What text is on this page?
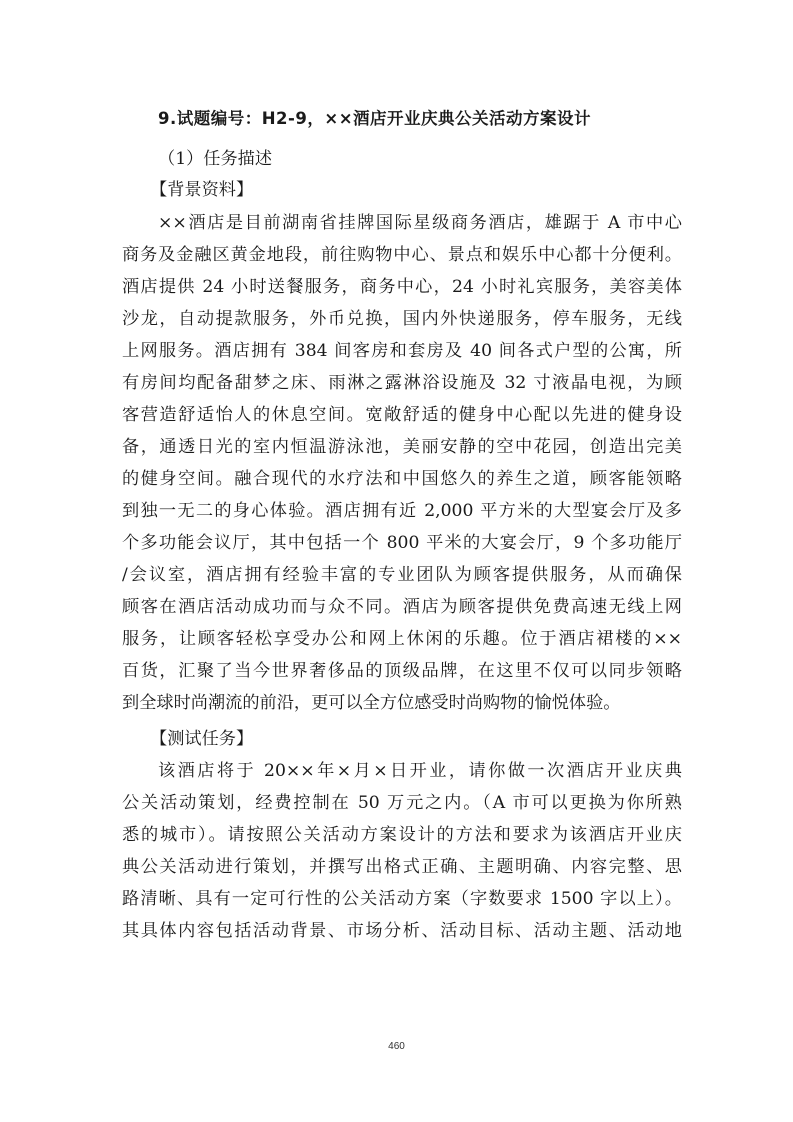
9.试题编号：H2-9，××酒店开业庆典公关活动方案设计
（1）任务描述
【背景资料】
××酒店是目前湖南省挂牌国际星级商务酒店，雄踞于 A 市中心
商务及金融区黄金地段，前往购物中心、景点和娱乐中心都十分便利。
酒店提供 24 小时送餐服务，商务中心，24 小时礼宾服务，美容美体
沙龙，自动提款服务，外币兑换，国内外快递服务，停车服务，无线
上网服务。酒店拥有 384 间客房和套房及 40 间各式户型的公寓，所
有房间均配备甜梦之床、雨淋之露淋浴设施及 32 寸液晶电视，为顾
客营造舒适怡人的休息空间。宽敞舒适的健身中心配以先进的健身设
备，通透日光的室内恒温游泳池，美丽安静的空中花园，创造出完美
的健身空间。融合现代的水疗法和中国悠久的养生之道，顾客能领略
到独一无二的身心体验。酒店拥有近 2,000 平方米的大型宴会厅及多
个多功能会议厅，其中包括一个 800 平米的大宴会厅，9 个多功能厅
/会议室，酒店拥有经验丰富的专业团队为顾客提供服务，从而确保
顾客在酒店活动成功而与众不同。酒店为顾客提供免费高速无线上网
服务，让顾客轻松享受办公和网上休闲的乐趣。位于酒店裙楼的××
百货，汇聚了当今世界奢侈品的顶级品牌，在这里不仅可以同步领略
到全球时尚潮流的前沿，更可以全方位感受时尚购物的愉悦体验。
【测试任务】
该酒店将于 20××年×月×日开业，请你做一次酒店开业庆典
公关活动策划，经费控制在 50 万元之内。（A 市可以更换为你所熟
悉的城市）。请按照公关活动方案设计的方法和要求为该酒店开业庆
典公关活动进行策划，并撰写出格式正确、主题明确、内容完整、思
路清晰、具有一定可行性的公关活动方案（字数要求 1500 字以上）。
其具体内容包括活动背景、市场分析、活动目标、活动主题、活动地
460
